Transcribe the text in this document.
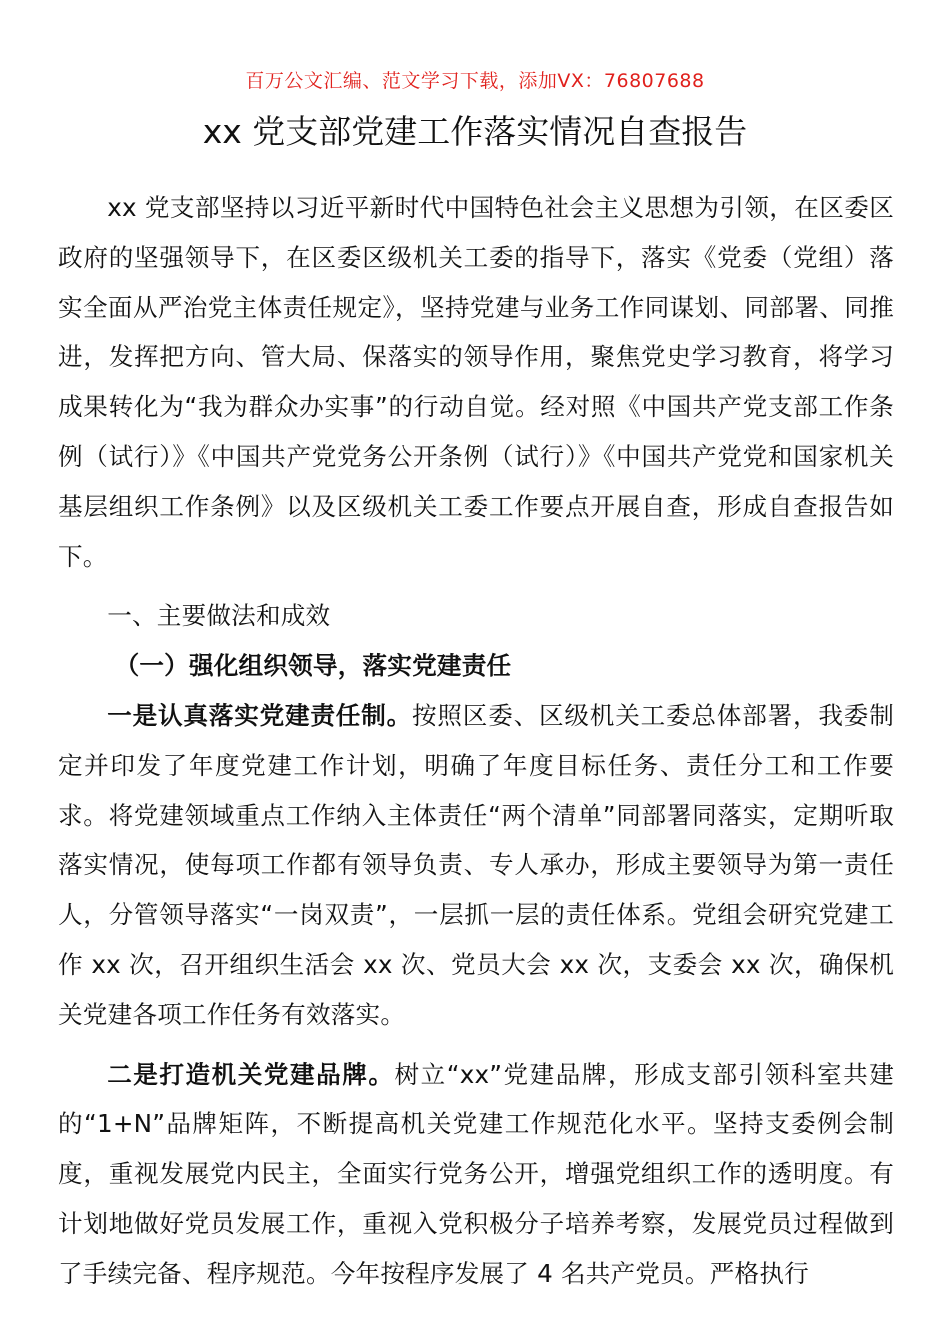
百万公文汇编、范文学习下载，添加VX：76807688
xx 党支部党建工作落实情况自查报告

xx 党支部坚持以习近平新时代中国特色社会主义思想为引领，在区委区政府的坚强领导下，在区委区级机关工委的指导下，落实《党委（党组）落实全面从严治党主体责任规定》，坚持党建与业务工作同谋划、同部署、同推进，发挥把方向、管大局、保落实的领导作用，聚焦党史学习教育，将学习成果转化为“我为群众办实事”的行动自觉。经对照《中国共产党支部工作条例（试行）》《中国共产党党务公开条例（试行）》《中国共产党党和国家机关基层组织工作条例》以及区级机关工委工作要点开展自查，形成自查报告如下。

一、主要做法和成效

（一）强化组织领导，落实党建责任

一是认真落实党建责任制。按照区委、区级机关工委总体部署，我委制定并印发了年度党建工作计划，明确了年度目标任务、责任分工和工作要求。将党建领域重点工作纳入主体责任“两个清单”同部署同落实，定期听取落实情况，使每项工作都有领导负责、专人承办，形成主要领导为第一责任人，分管领导落实“一岗双责”，一层抓一层的责任体系。党组会研究党建工作 xx 次，召开组织生活会 xx 次、党员大会 xx 次，支委会 xx 次，确保机关党建各项工作任务有效落实。

二是打造机关党建品牌。树立“xx”党建品牌，形成支部引领科室共建的“1+N”品牌矩阵，不断提高机关党建工作规范化水平。坚持支委例会制度，重视发展党内民主，全面实行党务公开，增强党组织工作的透明度。有计划地做好党员发展工作，重视入党积极分子培养考察，发展党员过程做到了手续完备、程序规范。今年按程序发展了 4 名共产党员。严格执行
